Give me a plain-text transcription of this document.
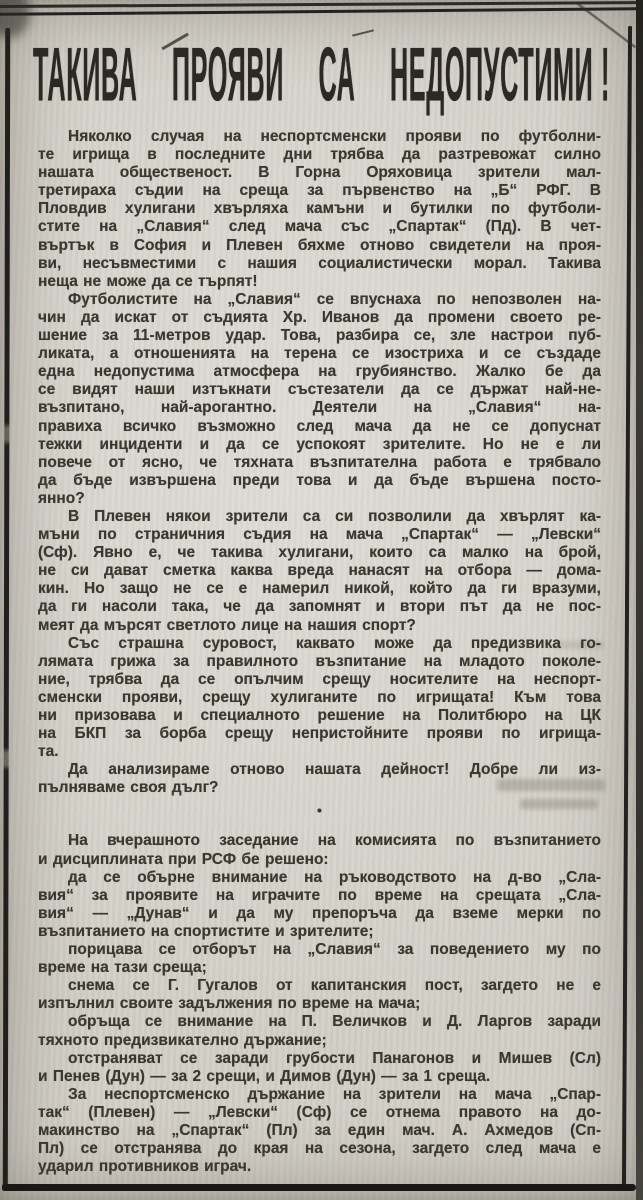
ТАКИВА ПРОЯВИ СА НЕДОПУСТИМИ !
Няколко случая на неспортсменски прояви по футболни-
те игрища в последните дни трябва да разтревожат силно
нашата общественост. В Горна Оряховица зрители мал-
третираха съдии на среща за първенство на „Б“ РФГ. В
Пловдив хулигани хвърляха камъни и бутилки по футболи-
стите на „Славия“ след мача със „Спартак“ (Пд). В чет-
въртък в София и Плевен бяхме отново свидетели на проя-
ви, несъвместими с нашия социалистически морал. Такива
неща не може да се търпят!
Футболистите на „Славия“ се впуснаха по непозволен на-
чин да искат от съдията Хр. Иванов да промени своето ре-
шение за 11-метров удар. Това, разбира се, зле настрои пуб-
ликата, а отношенията на терена се изостриха и се създаде
една недопустима атмосфера на грубиянство. Жалко бе да
се видят наши изтъкнати състезатели да се държат най-не-
възпитано, най-арогантно. Деятели на „Славия“ на-
правиха всичко възможно след мача да не се допуснат
тежки инциденти и да се успокоят зрителите. Но не е ли
повече от ясно, че тяхната възпитателна работа е трябвало
да бъде извършена преди това и да бъде вършена посто-
янно?
В Плевен някои зрители са си позволили да хвърлят ка-
мъни по страничния съдия на мача „Спартак“ — „Левски“
(Сф). Явно е, че такива хулигани, които са малко на брой,
не си дават сметка каква вреда нанасят на отбора — дома-
кин. Но защо не се е намерил никой, който да ги вразуми,
да ги насоли така, че да запомнят и втори път да не пос-
меят да мърсят светлото лице на нашия спорт?
Със страшна суровост, каквато може да предизвика го-
лямата грижа за правилното възпитание на младото поколе-
ние, трябва да се опълчим срещу носителите на неспорт-
сменски прояви, срещу хулиганите по игрищата! Към това
ни призовава и специалното решение на Политбюро на ЦК
на БКП за борба срещу непристойните прояви по игрища-
та.
Да анализираме отново нашата дейност! Добре ли из-
пълняваме своя дълг?
•
На вчерашното заседание на комисията по възпитанието
и дисциплината при РСФ бе решено:
да се обърне внимание на ръководството на д-во „Сла-
вия“ за проявите на играчите по време на срещата „Сла-
вия“ — „Дунав“ и да му препоръча да вземе мерки по
възпитанието на спортистите и зрителите;
порицава се отборът на „Славия“ за поведението му по
време на тази среща;
снема се Г. Гугалов от капитанския пост, загдето не е
изпълнил своите задължения по време на мача;
обръща се внимание на П. Величков и Д. Ларгов заради
тяхното предизвикателно държание;
отстраняват се заради грубости Панагонов и Мишев (Сл)
и Пенев (Дун) — за 2 срещи, и Димов (Дун) — за 1 среща.
За неспортсменско държание на зрители на мача „Спар-
так“ (Плевен) — „Левски“ (Сф) се отнема правото на до-
макинство на „Спартак“ (Пл) за един мач. А. Ахмедов (Сп-
Пл) се отстранява до края на сезона, загдето след мача е
ударил противников играч.
